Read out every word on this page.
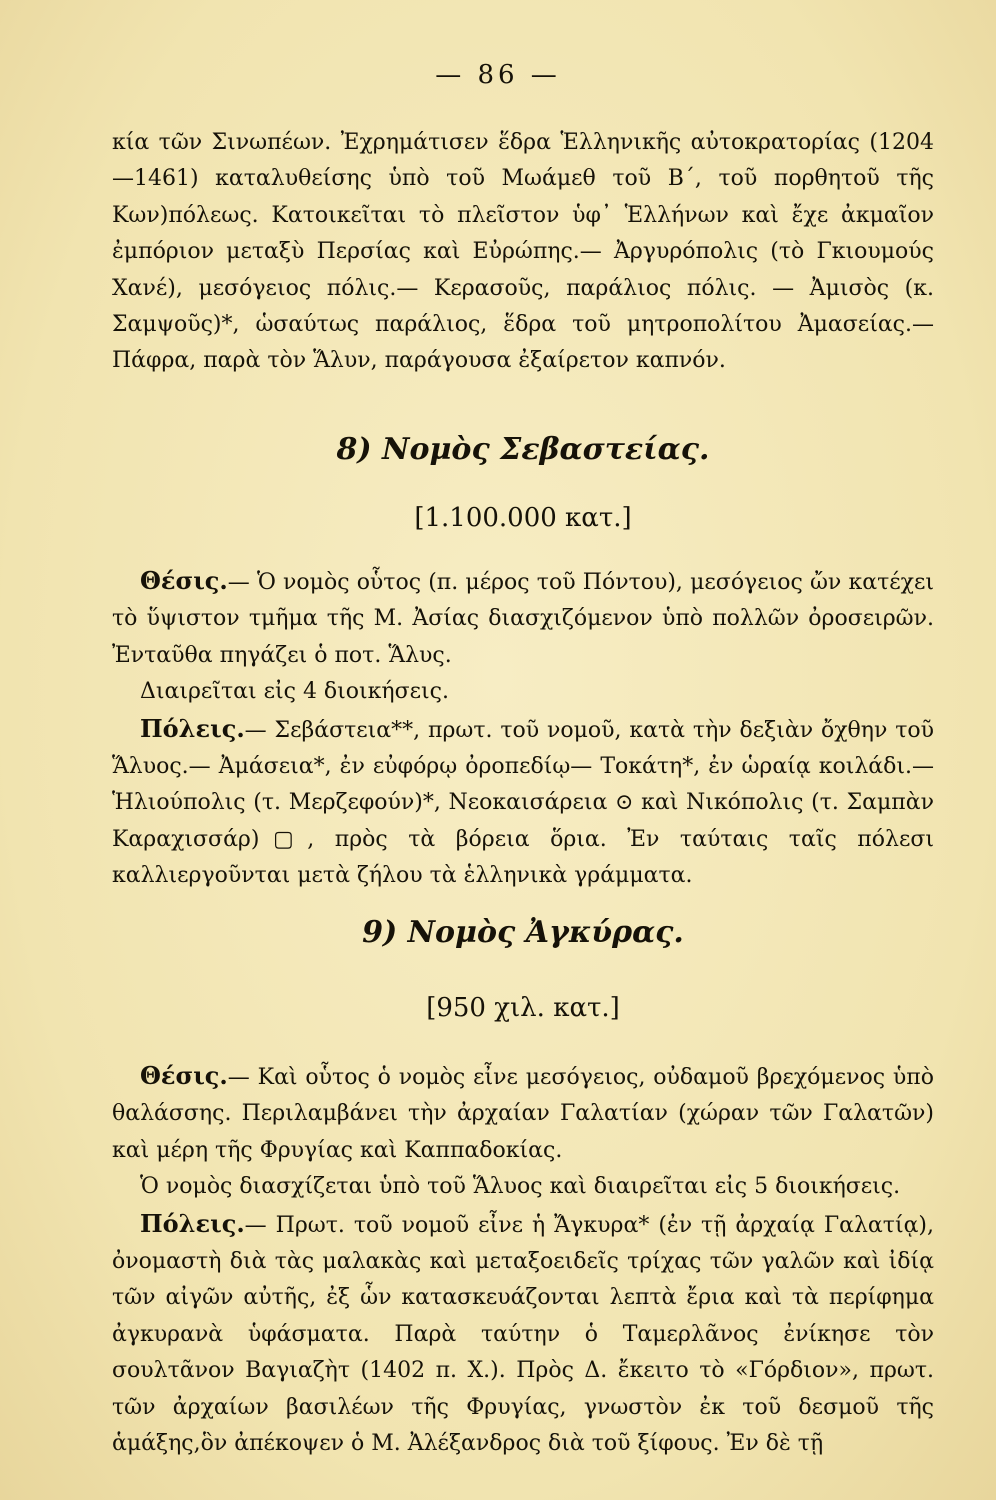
— 86 —

κία τῶν Σινωπέων. Ἐχρημάτισεν ἕδρα Ἑλληνικῆς αὐτοκρατορίας (1204—1461) καταλυθείσης ὑπὸ τοῦ Μωάμεθ τοῦ Β΄, τοῦ πορθητοῦ τῆς Κων)πόλεως. Κατοικεῖται τὸ πλεῖστον ὑφ᾽ Ἑλλήνων καὶ ἔχε ἀκμαῖον ἐμπόριον μεταξὺ Περσίας καὶ Εὐρώπης.— Ἀργυρόπολις (τὸ Γκιουμούς Χανέ), μεσόγειος πόλις.— Κερασοῦς, παράλιος πόλις. — Ἀμισὸς (κ. Σαμψοῦς)*, ὡσαύτως παράλιος, ἕδρα τοῦ μητροπολίτου Ἀμασείας.—Πάφρα, παρὰ τὸν Ἅλυν, παράγουσα ἐξαίρετον καπνόν.

8) Νομὸς Σεβαστείας.

[1.100.000 κατ.]

Θέσις.— Ὁ νομὸς οὗτος (π. μέρος τοῦ Πόντου), μεσόγειος ὤν κατέχει τὸ ὕψιστον τμῆμα τῆς Μ. Ἀσίας διασχιζόμενον ὑπὸ πολλῶν ὀροσειρῶν. Ἐνταῦθα πηγάζει ὁ ποτ. Ἅλυς.

Διαιρεῖται εἰς 4 διοικήσεις.

Πόλεις.— Σεβάστεια**, πρωτ. τοῦ νομοῦ, κατὰ τὴν δεξιὰν ὄχθην τοῦ Ἅλυος.— Ἀμάσεια*, ἐν εὐφόρῳ ὀροπεδίῳ— Τοκάτη*, ἐν ὡραίᾳ κοιλάδι.—Ἡλιούπολις (τ. Μερζεφούν)*, Νεοκαισάρεια ⊙ καὶ Νικόπολις (τ. Σαμπὰν Καραχισσάρ)▢, πρὸς τὰ βόρεια ὅρια. Ἐν ταύταις ταῖς πόλεσι καλλιεργοῦνται μετὰ ζήλου τὰ ἑλληνικὰ γράμματα.

9) Νομὸς Ἀγκύρας.

[950 χιλ. κατ.]

Θέσις.— Καὶ οὗτος ὁ νομὸς εἶνε μεσόγειος, οὐδαμοῦ βρεχόμενος ὑπὸ θαλάσσης. Περιλαμβάνει τὴν ἀρχαίαν Γαλατίαν (χώραν τῶν Γαλατῶν) καὶ μέρη τῆς Φρυγίας καὶ Καππαδοκίας.

Ὁ νομὸς διασχίζεται ὑπὸ τοῦ Ἅλυος καὶ διαιρεῖται εἰς 5 διοικήσεις.

Πόλεις.— Πρωτ. τοῦ νομοῦ εἶνε ἡ Ἄγκυρα* (ἐν τῇ ἀρχαίᾳ Γαλατίᾳ), ὀνομαστὴ διὰ τὰς μαλακὰς καὶ μεταξοειδεῖς τρίχας τῶν γαλῶν καὶ ἰδίᾳ τῶν αἰγῶν αὐτῆς, ἐξ ὧν κατασκευάζονται λεπτὰ ἔρια καὶ τὰ περίφημα ἀγκυρανὰ ὑφάσματα. Παρὰ ταύτην ὁ Ταμερλᾶνος ἐνίκησε τὸν σουλτᾶνον Βαγιαζὴτ (1402 π. Χ.). Πρὸς Δ. ἔκειτο τὸ «Γόρδιον», πρωτ. τῶν ἀρχαίων βασιλέων τῆς Φρυγίας, γνωστὸν ἐκ τοῦ δεσμοῦ τῆς ἁμάξης,ὃν ἀπέκοψεν ὁ Μ. Ἀλέξανδρος διὰ τοῦ ξίφους. Ἐν δὲ τῇ
